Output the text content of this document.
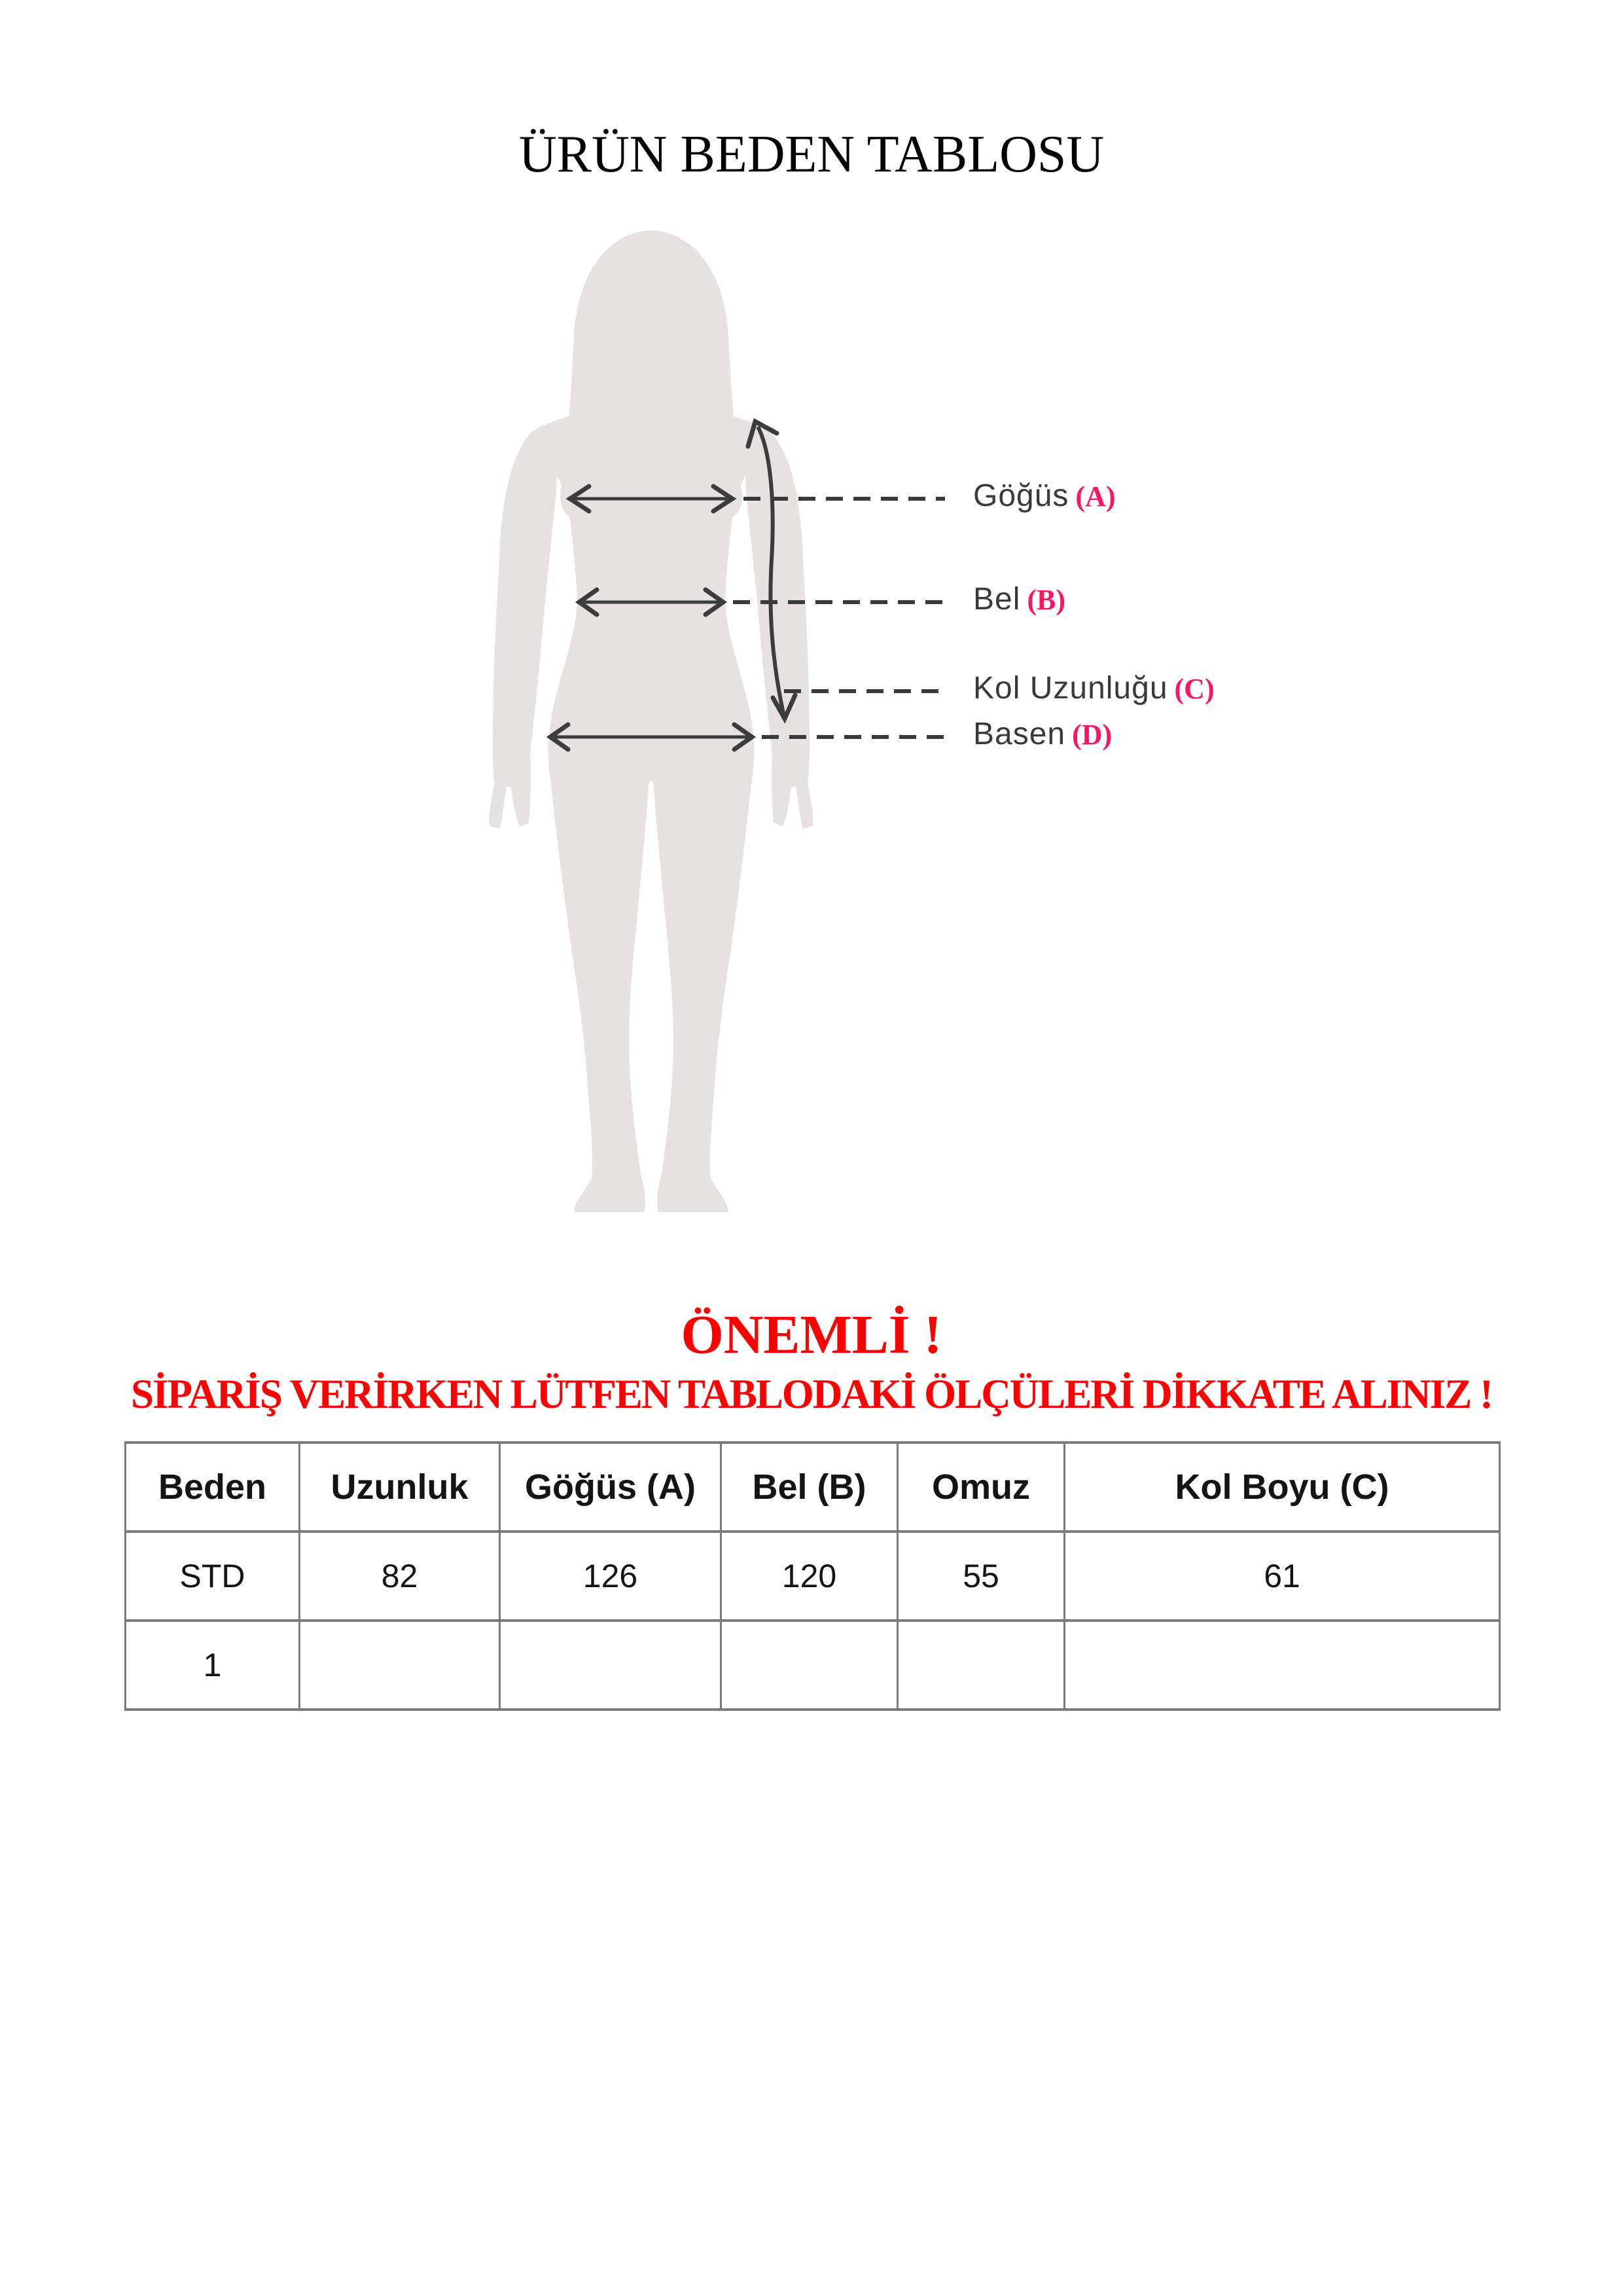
ÜRÜN BEDEN TABLOSU
Göğüs (A)
Bel (B)
Kol Uzunluğu (C)
Basen (D)
ÖNEMLİ !
SİPARİŞ VERİRKEN LÜTFEN TABLODAKİ ÖLÇÜLERİ DİKKATE ALINIZ !
Beden	Uzunluk	Göğüs (A)	Bel (B)	Omuz	Kol Boyu (C)
STD	82	126	120	55	61
1					
